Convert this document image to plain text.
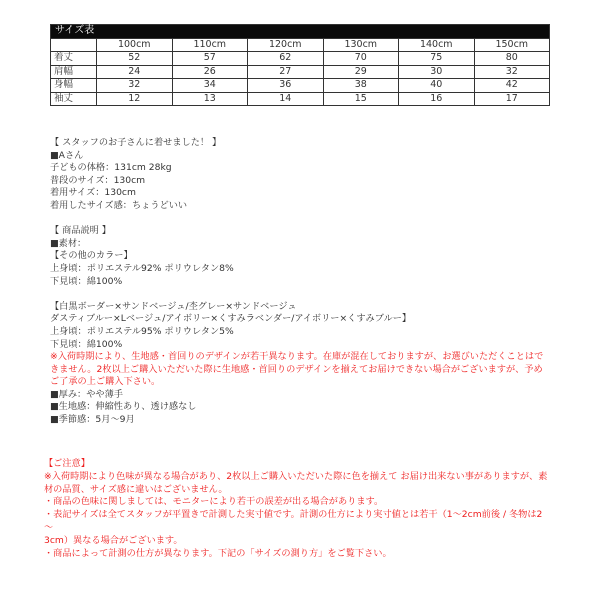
サイズ表						
	100cm	110cm	120cm	130cm	140cm	150cm
着丈	52	57	62	70	75	80
肩幅	24	26	27	29	30	32
身幅	32	34	36	38	40	42
袖丈	12	13	14	15	16	17

【 スタッフのお子さんに着せました！ 】

■Aさん

子どもの体格：131cm 28kg

普段のサイズ：130cm

着用サイズ：130cm

着用したサイズ感：ちょうどいい

【 商品説明 】

■素材：

【その他のカラー】

上身頃：ポリエステル92% ポリウレタン8%

下見頃：綿100%

【白黒ボーダー×サンドベージュ/杢グレー×サンドベージュ

ダスティブルー×Lベージュ/アイボリー×くすみラベンダー/アイボリー×くすみブルー】

上身頃：ポリエステル95% ポリウレタン5%

下見頃：綿100%

※入荷時期により、生地感・首回りのデザインが若干異なります。在庫が混在しておりますが、お選びいただくことはできません。2枚以上ご購入いただいた際に生地感・首回りのデザインを揃えてお届けできない場合がございますが、予めご了承の上ご購入下さい。

■厚み：やや薄手

■生地感：伸縮性あり、透け感なし

■季節感：5月～9月

【ご注意】

※入荷時期により色味が異なる場合があり、2枚以上ご購入いただいた際に色を揃えて お届け出来ない事がありますが、素

材の品質、サイズ感に違いはございません。

・商品の色味に関しましては、モニターにより若干の誤差が出る場合があります。

・表記サイズは全てスタッフが平置きで計測した実寸値です。計測の仕方により実寸値とは若干（1～2cm前後 / 冬物は2～

3cm）異なる場合がございます。

・商品によって計測の仕方が異なります。下記の「サイズの測り方」をご覧下さい。
